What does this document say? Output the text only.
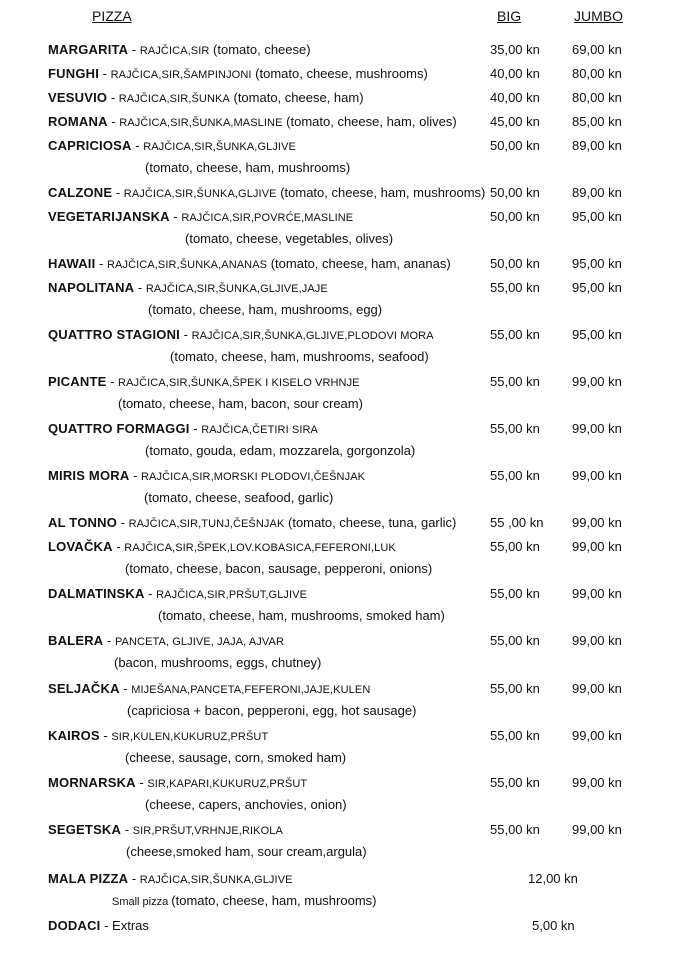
PIZZA	BIG	JUMBO
MARGARITA - RAJČICA,SIR (tomato, cheese)	35,00 kn 69,00 kn
FUNGHI - RAJČICA,SIR,ŠAMPINJONI (tomato, cheese, mushrooms)	40,00 kn 80,00 kn
VESUVIO - RAJČICA,SIR,ŠUNKA (tomato, cheese, ham)	40,00 kn 80,00 kn
ROMANA - RAJČICA,SIR,ŠUNKA,MASLINE (tomato, cheese, ham, olives)	45,00 kn 85,00 kn
CAPRICIOSA - RAJČICA,SIR,ŠUNKA,GLJIVE	50,00 kn 89,00 kn
(tomato, cheese, ham, mushrooms)
CALZONE - RAJČICA,SIR,ŠUNKA,GLJIVE (tomato, cheese, ham, mushrooms) 50,00 kn 89,00 kn
VEGETARIJANSKA - RAJČICA,SIR,POVRĆE,MASLINE	50,00 kn 95,00 kn
(tomato, cheese, vegetables, olives)
HAWAII - RAJČICA,SIR,ŠUNKA,ANANAS (tomato, cheese, ham, ananas)	50,00 kn 95,00 kn
NAPOLITANA - RAJČICA,SIR,ŠUNKA,GLJIVE,JAJE	55,00 kn 95,00 kn
(tomato, cheese, ham, mushrooms, egg)
QUATTRO STAGIONI - RAJČICA,SIR,ŠUNKA,GLJIVE,PLODOVI MORA	55,00 kn 95,00 kn
(tomato, cheese, ham, mushrooms, seafood)
PICANTE - RAJČICA,SIR,ŠUNKA,ŠPEK I KISELO VRHNJE	55,00 kn 99,00 kn
(tomato, cheese, ham, bacon, sour cream)
QUATTRO FORMAGGI - RAJČICA,ČETIRI SIRA	55,00 kn 99,00 kn
(tomato, gouda, edam, mozzarela, gorgonzola)
MIRIS MORA - RAJČICA,SIR,MORSKI PLODOVI,ČEŠNJAK	55,00 kn 99,00 kn
(tomato, cheese, seafood, garlic)
AL TONNO - RAJČICA,SIR,TUNJ,ČEŠNJAK (tomato, cheese, tuna, garlic)	55 ,00 kn 99,00 kn
LOVAČKA - RAJČICA,SIR,ŠPEK,LOV.KOBASICA,FEFERONI,LUK	55,00 kn 99,00 kn
(tomato, cheese, bacon, sausage, pepperoni, onions)
DALMATINSKA - RAJČICA,SIR,PRŠUT,GLJIVE	55,00 kn 99,00 kn
(tomato, cheese, ham, mushrooms, smoked ham)
BALERA - PANCETA, GLJIVE, JAJA, AJVAR	55,00 kn 99,00 kn
(bacon, mushrooms, eggs, chutney)
SELJAČKA - MIJEŠANA,PANCETA,FEFERONI,JAJE,KULEN	55,00 kn 99,00 kn
(capriciosa + bacon, pepperoni, egg, hot sausage)
KAIROS - SIR,KULEN,KUKURUZ,PRŠUT	55,00 kn 99,00 kn
(cheese, sausage, corn, smoked ham)
MORNARSKA - SIR,KAPARI,KUKURUZ,PRŠUT	55,00 kn 99,00 kn
(cheese, capers, anchovies, onion)
SEGETSKA - SIR,PRŠUT,VRHNJE,RIKOLA	55,00 kn 99,00 kn
(cheese,smoked ham, sour cream,argula)
MALA PIZZA - RAJČICA,SIR,ŠUNKA,GLJIVE	12,00 kn
Small pizza (tomato, cheese, ham, mushrooms)
DODACI - Extras	5,00 kn
